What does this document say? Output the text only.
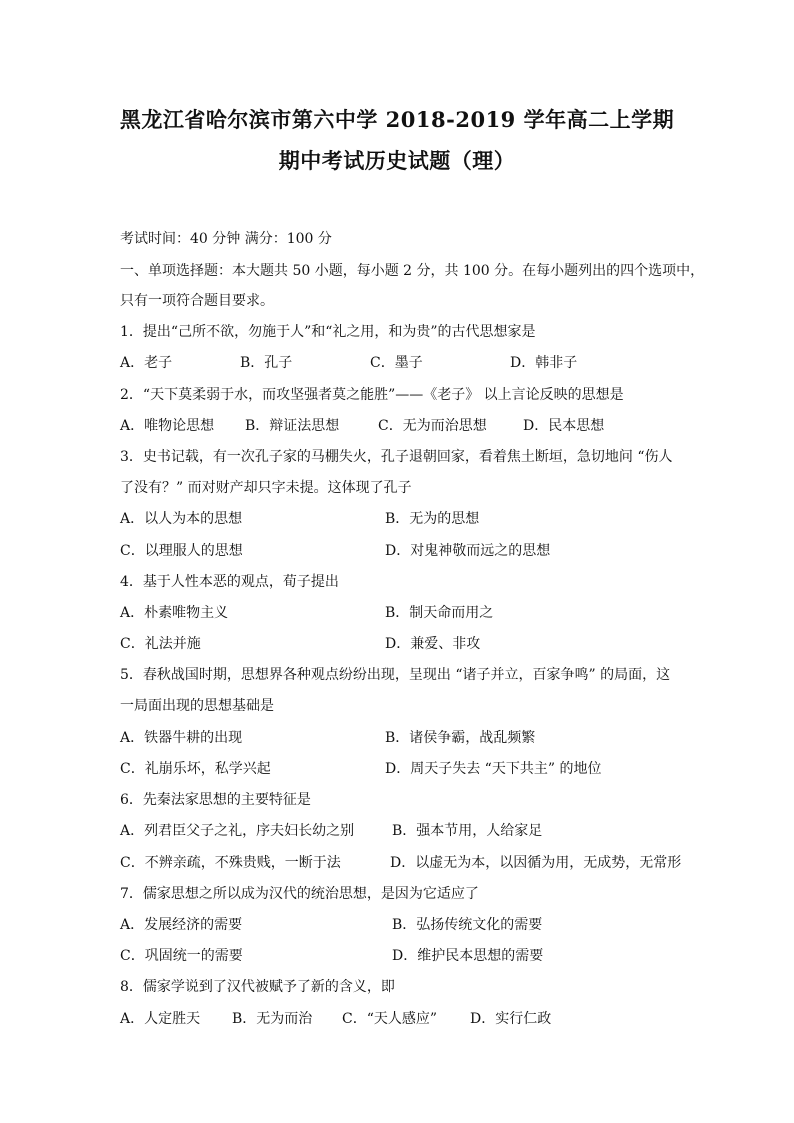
黑龙江省哈尔滨市第六中学 2018-2019 学年高二上学期
期中考试历史试题（理）
考试时间：40 分钟 满分：100 分
一、单项选择题：本大题共 50 小题，每小题 2 分，共 100 分。在每小题列出的四个选项中，
只有一项符合题目要求。
1．提出“己所不欲，勿施于人”和“礼之用，和为贵”的古代思想家是
A．老子	B．孔子	C．墨子	D．韩非子
2．“天下莫柔弱于水，而攻坚强者莫之能胜”——《老子》 以上言论反映的思想是
A．唯物论思想 B．辩证法思想	C．无为而治思想	D．民本思想
3．史书记载，有一次孔子家的马棚失火，孔子退朝回家，看着焦土断垣，急切地问 “伤人
了没有？” 而对财产却只字未提。这体现了孔子
A．以人为本的思想	B．无为的思想
C．以理服人的思想	D．对鬼神敬而远之的思想
4．基于人性本恶的观点，荀子提出
A．朴素唯物主义	B．制天命而用之
C．礼法并施	D．兼爱、非攻
5．春秋战国时期，思想界各种观点纷纷出现，呈现出 “诸子并立，百家争鸣” 的局面，这
一局面出现的思想基础是
A．铁器牛耕的出现	B．诸侯争霸，战乱频繁
C．礼崩乐坏，私学兴起	D．周天子失去 “天下共主” 的地位
6．先秦法家思想的主要特征是
A．列君臣父子之礼，序夫妇长幼之别	B．强本节用，人给家足
C．不辨亲疏，不殊贵贱，一断于法	D．以虚无为本，以因循为用，无成势，无常形
7．儒家思想之所以成为汉代的统治思想，是因为它适应了
A．发展经济的需要	B．弘扬传统文化的需要
C．巩固统一的需要	D．维护民本思想的需要
8．儒家学说到了汉代被赋予了新的含义，即
A．人定胜天 B．无为而治 C．“天人感应” D．实行仁政
